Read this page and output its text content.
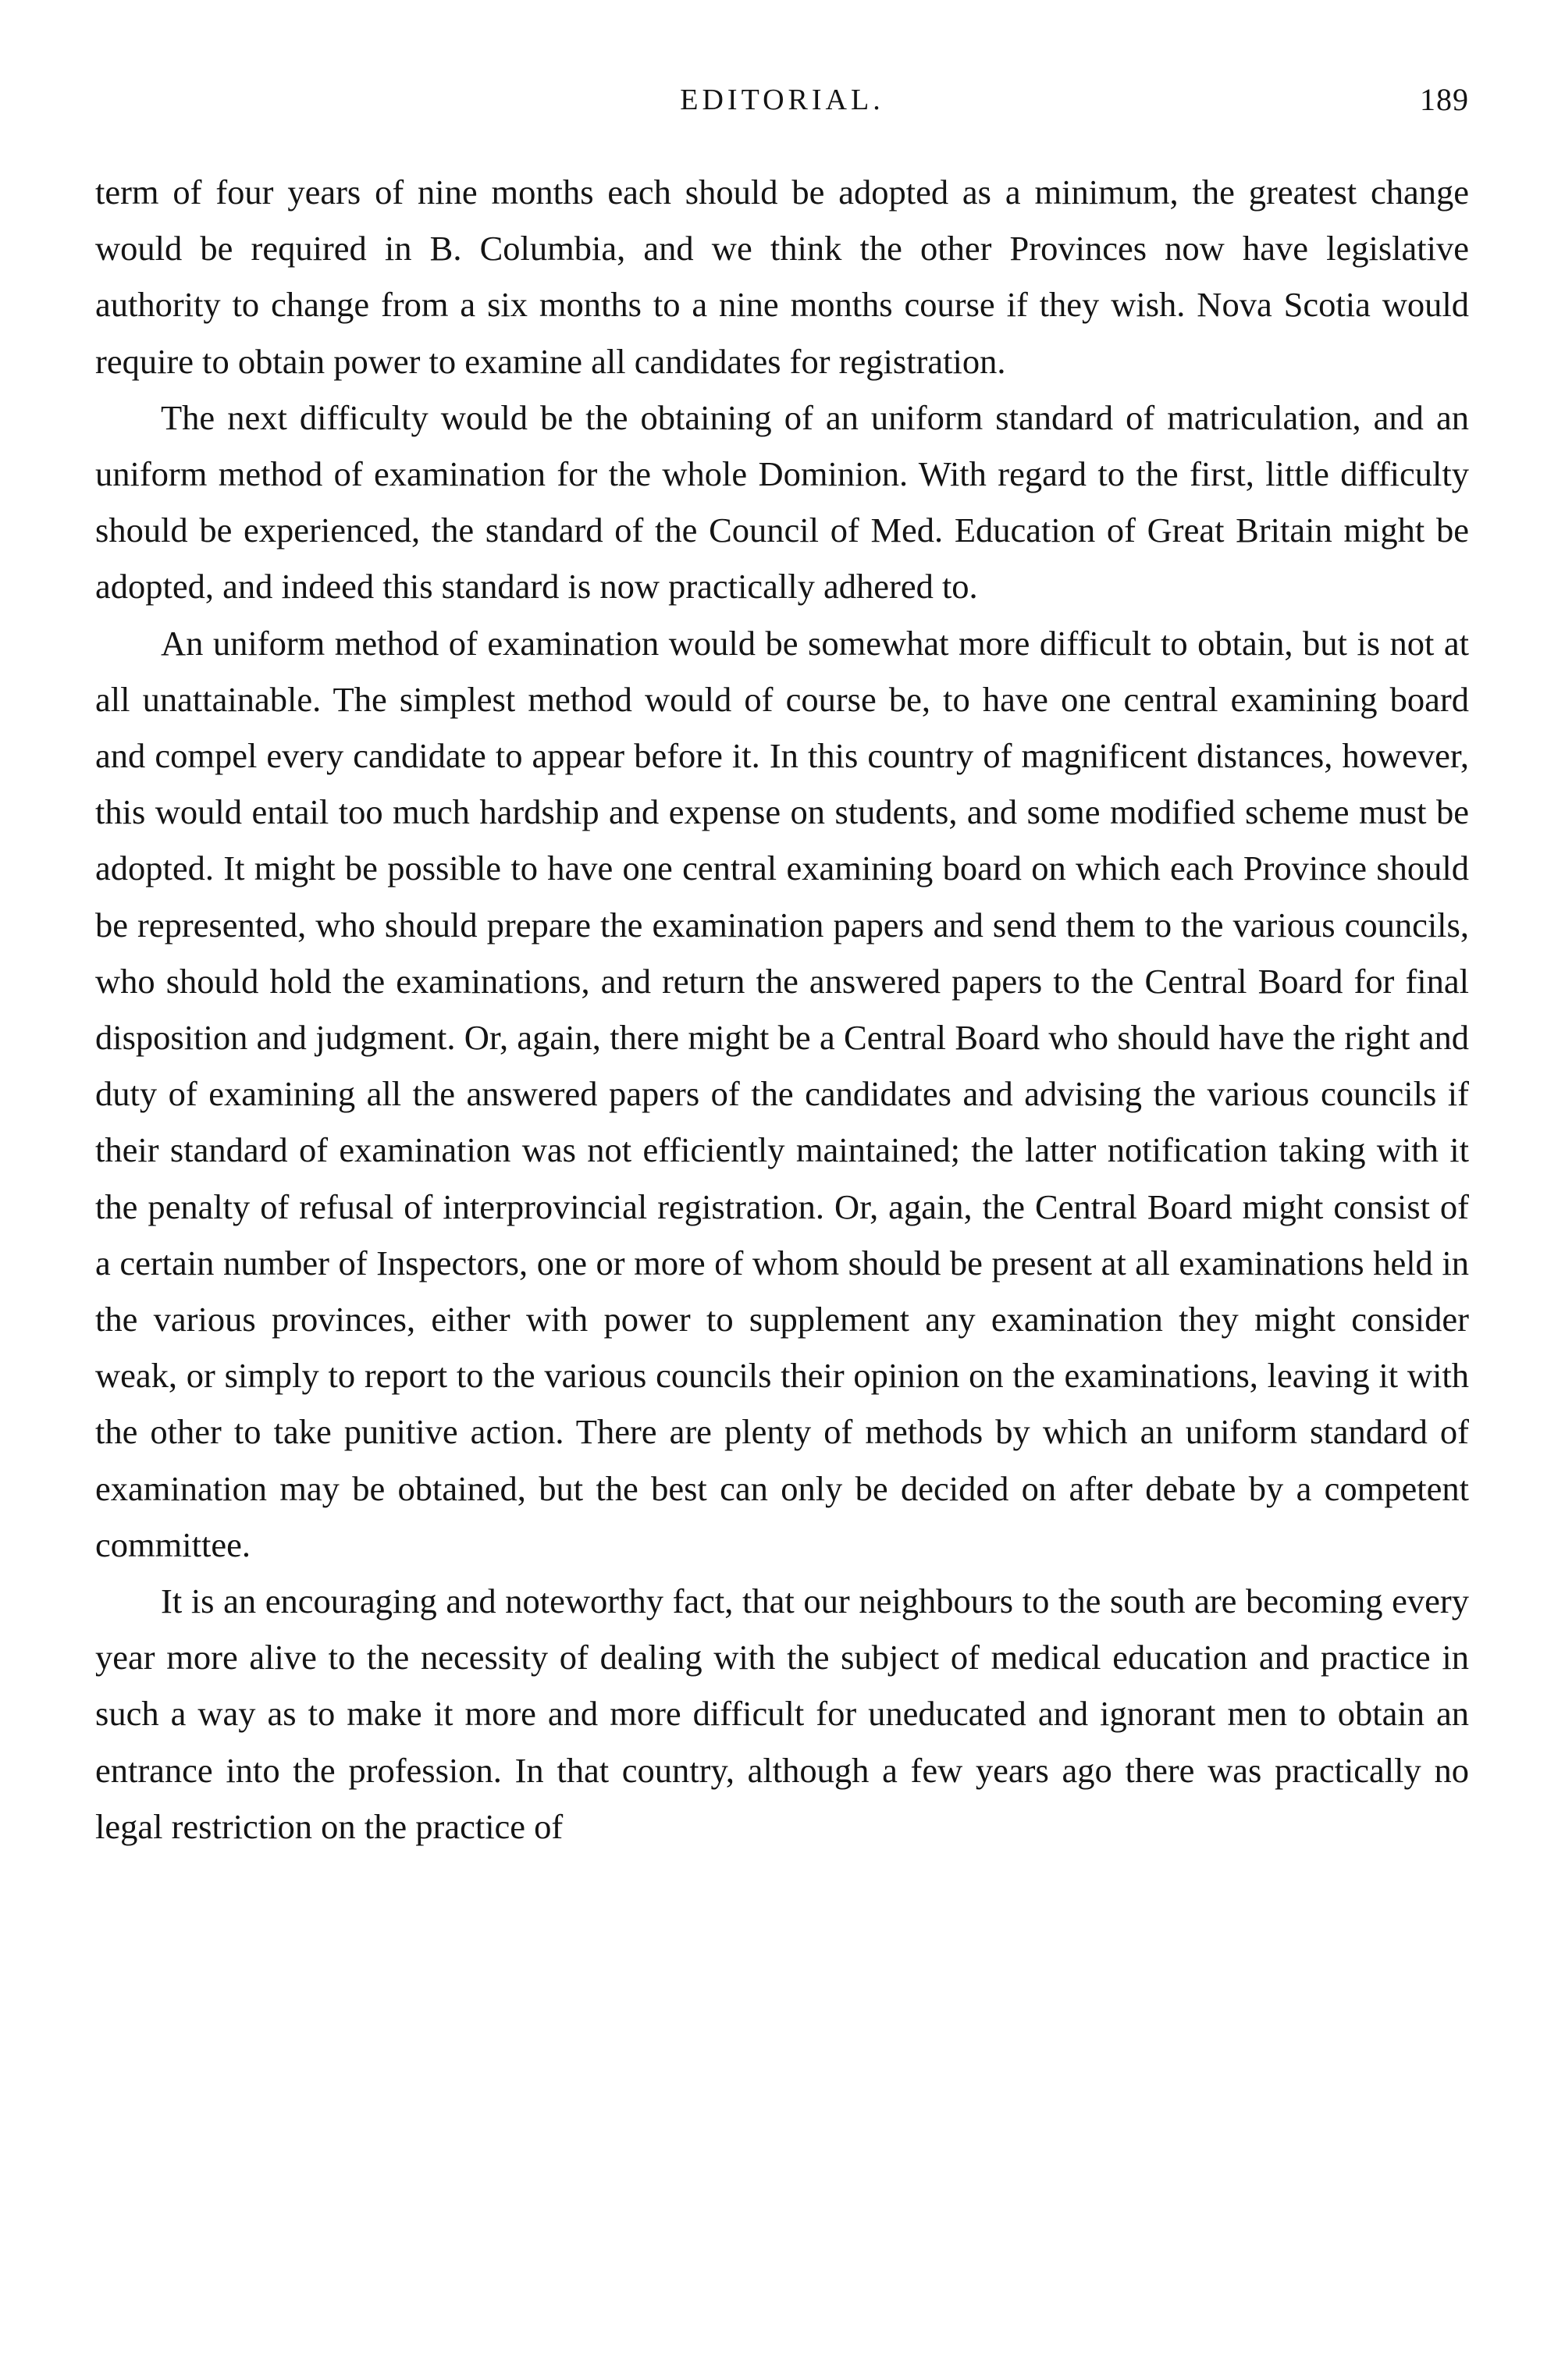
EDITORIAL.	189

term of four years of nine months each should be adopted as a minimum, the greatest change would be required in B. Columbia, and we think the other Provinces now have legislative authority to change from a six months to a nine months course if they wish. Nova Scotia would require to obtain power to examine all candidates for registration.

The next difficulty would be the obtaining of an uniform standard of matriculation, and an uniform method of examination for the whole Dominion. With regard to the first, little difficulty should be experienced, the standard of the Council of Med. Education of Great Britain might be adopted, and indeed this standard is now practically adhered to.

An uniform method of examination would be somewhat more difficult to obtain, but is not at all unattainable. The simplest method would of course be, to have one central examining board and compel every candidate to appear before it. In this country of magnificent distances, however, this would entail too much hardship and expense on students, and some modified scheme must be adopted. It might be possible to have one central examining board on which each Province should be represented, who should prepare the examination papers and send them to the various councils, who should hold the examinations, and return the answered papers to the Central Board for final disposition and judgment. Or, again, there might be a Central Board who should have the right and duty of examining all the answered papers of the candidates and advising the various councils if their standard of examination was not efficiently maintained; the latter notification taking with it the penalty of refusal of interprovincial registration. Or, again, the Central Board might consist of a certain number of Inspectors, one or more of whom should be present at all examinations held in the various provinces, either with power to supplement any examination they might consider weak, or simply to report to the various councils their opinion on the examinations, leaving it with the other to take punitive action. There are plenty of methods by which an uniform standard of examination may be obtained, but the best can only be decided on after debate by a competent committee.

It is an encouraging and noteworthy fact, that our neighbours to the south are becoming every year more alive to the necessity of dealing with the subject of medical education and practice in such a way as to make it more and more difficult for uneducated and ignorant men to obtain an entrance into the profession. In that country, although a few years ago there was practically no legal restriction on the practice of
